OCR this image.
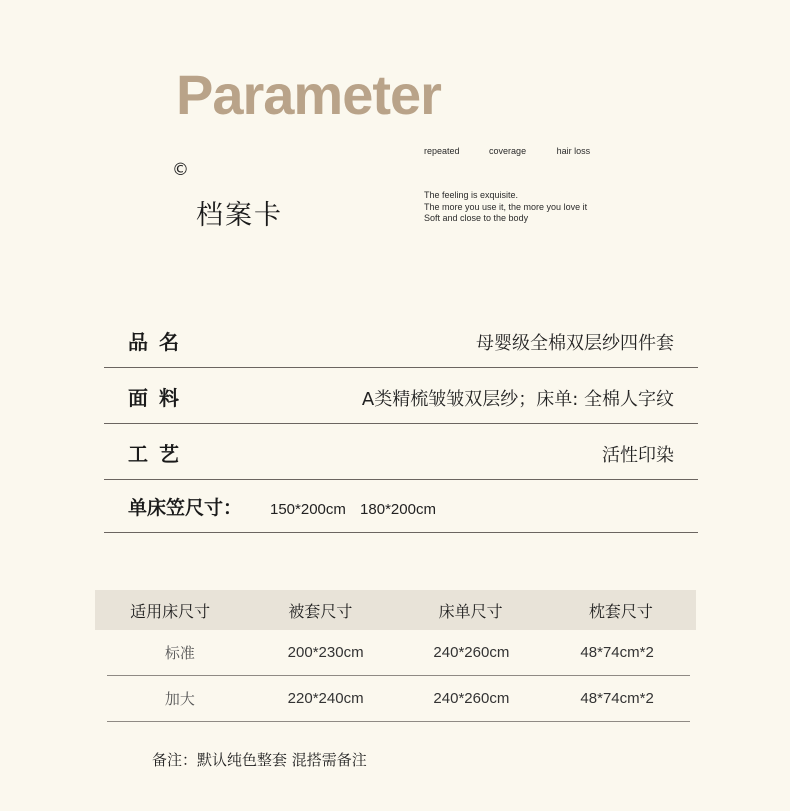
Parameter
©
档案卡
repeated	coverage	hair loss
The feeling is exquisite.
The more you use it, the more you love it
Soft and close to the body
品 名	母婴级全棉双层纱四件套
面 料	A类精梳皱皱双层纱；床单: 全棉人字纹
工 艺	活性印染
单床笠尺寸： 150*200cm 180*200cm
适用床尺寸	被套尺寸	床单尺寸	枕套尺寸
标准	200*230cm	240*260cm	48*74cm*2
加大	220*240cm	240*260cm	48*74cm*2
备注：默认纯色整套 混搭需备注
